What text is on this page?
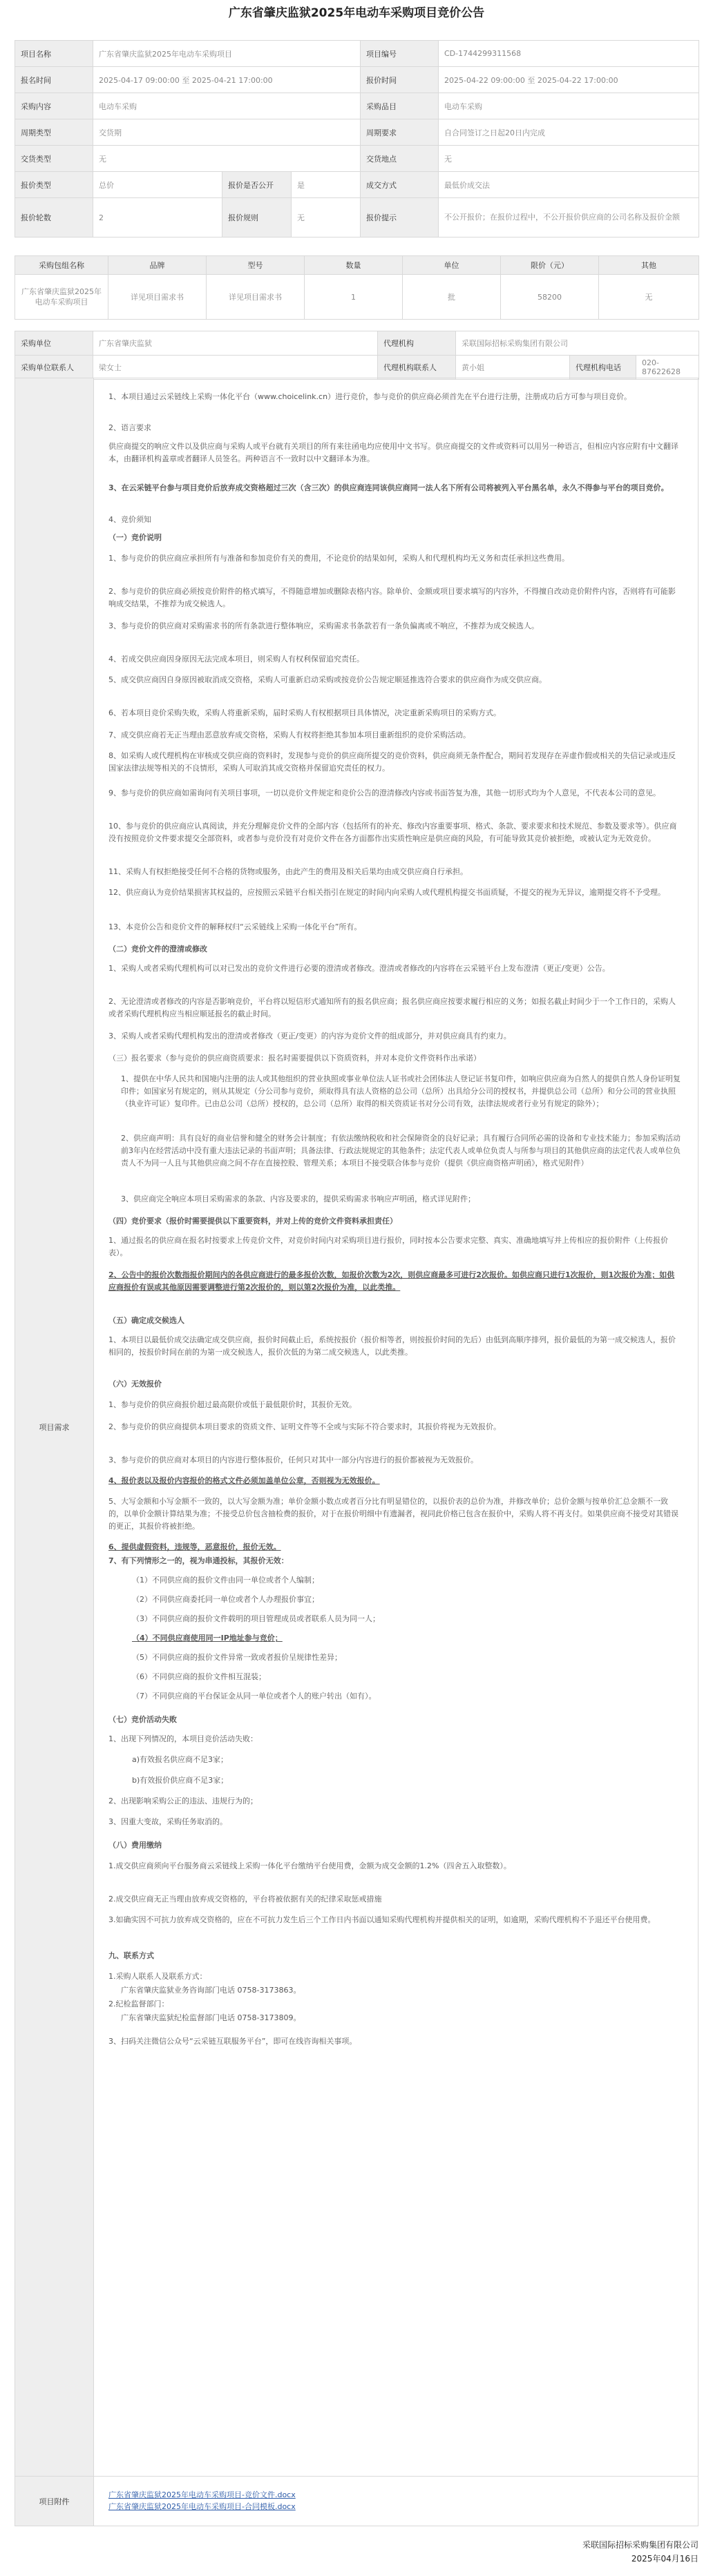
广东省肇庆监狱2025年电动车采购项目竞价公告
项目名称	广东省肇庆监狱2025年电动车采购项目			项目编号	CD-1744299311568
报名时间	2025-04-17 09:00:00 至 2025-04-21 17:00:00			报价时间	2025-04-22 09:00:00 至 2025-04-22 17:00:00
采购内容	电动车采购			采购品目	电动车采购
周期类型	交货期			周期要求	自合同签订之日起20日内完成
交货类型	无			交货地点	无
报价类型	总价	报价是否公开	是	成交方式	最低价成交法
报价轮数	2	报价规则	无	报价提示	不公开报价；在报价过程中，不公开报价供应商的公司名称及报价金额
采购包组名称	品牌	型号	数量	单位	限价（元）	其他
广东省肇庆监狱2025年电动车采购项目	详见项目需求书	详见项目需求书	1	批	58200	无
采购单位	广东省肇庆监狱	代理机构	采联国际招标采购集团有限公司		
采购单位联系人	梁女士	代理机构联系人	黄小姐	代理机构电话	020-87622628
项目需求

1、本项目通过云采链线上采购一体化平台（www.choicelink.cn）进行竞价，参与竞价的供应商必须首先在平台进行注册，注册成功后方可参与项目竞价。

2、语言要求

供应商提交的响应文件以及供应商与采购人或平台就有关项目的所有来往函电均应使用中文书写。供应商提交的文件或资料可以用另一种语言，但相应内容应附有中文翻译本，由翻译机构盖章或者翻译人员签名。两种语言不一致时以中文翻译本为准。

3、在云采链平台参与项目竞价后放弃成交资格超过三次（含三次）的供应商连同该供应商同一法人名下所有公司将被列入平台黑名单，永久不得参与平台的项目竞价。

4、竞价须知

（一）竞价说明

1、参与竞价的供应商应承担所有与准备和参加竞价有关的费用，不论竞价的结果如何，采购人和代理机构均无义务和责任承担这些费用。

2、参与竞价的供应商必须按竞价附件的格式填写，不得随意增加或删除表格内容。除单价、金额或项目要求填写的内容外，不得擅自改动竞价附件内容，否则将有可能影响成交结果，不推荐为成交候选人。

3、参与竞价的供应商对采购需求书的所有条款进行整体响应，采购需求书条款若有一条负偏离或不响应，不推荐为成交候选人。

4、若成交供应商因身原因无法完成本项目，则采购人有权利保留追究责任。

5、成交供应商因自身原因被取消成交资格，采购人可重新启动采购或按竞价公告规定顺延推选符合要求的供应商作为成交供应商。

6、若本项目竞价采购失败，采购人将重新采购，届时采购人有权根据项目具体情况，决定重新采购项目的采购方式。

7、成交供应商若无正当理由恶意放弃成交资格，采购人有权将拒绝其参加本项目重新组织的竞价采购活动。

8、如采购人或代理机构在审核成交供应商的资料时，发现参与竞价的供应商所提交的竞价资料，供应商须无条件配合，期间若发现存在弄虚作假或相关的失信记录或违反国家法律法规等相关的不良情形，采购人可取消其成交资格并保留追究责任的权力。

9、参与竞价的供应商如需询问有关项目事项，一切以竞价文件规定和竞价公告的澄清修改内容或书面答复为准，其他一切形式均为个人意见，不代表本公司的意见。

10、参与竞价的供应商应认真阅读，并充分理解竞价文件的全部内容（包括所有的补充、修改内容重要事项、格式、条款、要求要求和技术规范、参数及要求等）。供应商没有按照竞价文件要求提交全部资料，或者参与竞价没有对竞价文件在各方面都作出实质性响应是供应商的风险，有可能导致其竞价被拒绝，或被认定为无效竞价。

11、采购人有权拒绝接受任何不合格的货物或服务，由此产生的费用及相关后果均由成交供应商自行承担。

12、供应商认为竞价结果损害其权益的，应按照云采链平台相关指引在规定的时间内向采购人或代理机构提交书面质疑，不提交的视为无异议，逾期提交将不予受理。

13、本竞价公告和竞价文件的解释权归“云采链线上采购一体化平台”所有。

（二）竞价文件的澄清或修改

1、采购人或者采购代理机构可以对已发出的竞价文件进行必要的澄清或者修改。澄清或者修改的内容将在云采链平台上发布澄清（更正/变更）公告。

2、无论澄清或者修改的内容是否影响竞价，平台将以短信形式通知所有的报名供应商；报名供应商应按要求履行相应的义务；如报名截止时间少于一个工作日的，采购人或者采购代理机构应当相应顺延报名的截止时间。

3、采购人或者采购代理机构发出的澄清或者修改（更正/变更）的内容为竞价文件的组成部分，并对供应商具有约束力。

（三）报名要求（参与竞价的供应商资质要求：报名时需要提供以下资质资料，并对本竞价文件资料作出承诺）

1、提供在中华人民共和国境内注册的法人或其他组织的营业执照或事业单位法人证书或社会团体法人登记证书复印件，如响应供应商为自然人的提供自然人身份证明复印件；如国家另有规定的，则从其规定（分公司参与竞价，须取得具有法人资格的总公司（总所）出具给分公司的授权书，并提供总公司（总所）和分公司的营业执照（执业许可证）复印件。已由总公司（总所）授权的，总公司（总所）取得的相关资质证书对分公司有效，法律法规或者行业另有规定的除外）；

2、供应商声明：具有良好的商业信誉和健全的财务会计制度；有依法缴纳税收和社会保障资金的良好记录；具有履行合同所必需的设备和专业技术能力；参加采购活动前3年内在经营活动中没有重大违法记录的书面声明；具备法律、行政法规规定的其他条件；法定代表人或单位负责人与所参与项目的其他供应商的法定代表人或单位负责人不为同一人且与其他供应商之间不存在直接控股、管理关系；本项目不接受联合体参与竞价（提供《供应商资格声明函》，格式见附件）

3、供应商完全响应本项目采购需求的条款、内容及要求的，提供采购需求书响应声明函，格式详见附件；

（四）竞价要求（报价时需要提供以下重要资料，并对上传的竞价文件资料承担责任）

1、通过报名的供应商在报名时按要求上传竞价文件，对竞价时间内对采购项目进行报价，同时按本公告要求完整、真实、准确地填写并上传相应的报价附件（上传报价表）。

2、公告中的报价次数指报价期间内的各供应商进行的最多报价次数，如报价次数为2次，则供应商最多可进行2次报价。如供应商只进行1次报价，则1次报价为准；如供应商报价有误或其他原因需要调整进行第2次报价的，则以第2次报价为准，以此类推。

（五）确定成交候选人

1、本项目以最低价成交法确定成交供应商，报价时间截止后，系统按报价（报价相等者，则按报价时间的先后）由低到高顺序排列，报价最低的为第一成交候选人，报价相同的，按报价时间在前的为第一成交候选人，报价次低的为第二成交候选人，以此类推。

（六）无效报价

1、参与竞价的供应商报价超过最高限价或低于最低限价时，其报价无效。

2、参与竞价的供应商提供本项目要求的资质文件、证明文件等不全或与实际不符合要求时，其报价将视为无效报价。

3、参与竞价的供应商对本项目的内容进行整体报价，任何只对其中一部分内容进行的报价都被视为无效报价。

4、报价表以及报价内容报价的格式文件必须加盖单位公章，否则视为无效报价。

5、大写金额和小写金额不一致的，以大写金额为准；单价金额小数点或者百分比有明显错位的，以报价表的总价为准，并修改单价；总价金额与按单价汇总金额不一致的，以单价金额计算结果为准；不接受总价包含抽检费的报价，对于在报价明细中有遗漏者，视同此价格已包含在报价中，采购人将不再支付。如果供应商不接受对其错误的更正，其报价将被拒绝。

6、提供虚假资料，违规等，恶意报价，报价无效。

7、有下列情形之一的，视为串通投标，其报价无效：

（1）不同供应商的报价文件由同一单位或者个人编制；

（2）不同供应商委托同一单位或者个人办理报价事宜；

（3）不同供应商的报价文件载明的项目管理成员或者联系人员为同一人；

（4）不同供应商使用同一IP地址参与竞价；

（5）不同供应商的报价文件异常一致或者报价呈规律性差异；

（6）不同供应商的报价文件相互混装；

（7）不同供应商的平台保证金从同一单位或者个人的账户转出（如有）。

（七）竞价活动失败

1、出现下列情况的，本项目竞价活动失败：

a)有效报名供应商不足3家；

b)有效报价供应商不足3家；

2、出现影响采购公正的违法、违规行为的；

3、因重大变故，采购任务取消的。

（八）费用缴纳

1.成交供应商须向平台服务商云采链线上采购一体化平台缴纳平台使用费，金额为成交金额的1.2%（四舍五入取整数）。

2.成交供应商无正当理由放弃成交资格的，平台将被依据有关的纪律采取惩戒措施

3.如确实因不可抗力放弃成交资格的，应在不可抗力发生后三个工作日内书面以通知采购代理机构并提供相关的证明，如逾期，采购代理机构不予退还平台使用费。

九、联系方式

1.采购人联系人及联系方式：

广东省肇庆监狱业务咨询部门电话 0758-3173863。

2.纪检监督部门：

广东省肇庆监狱纪检监督部门电话 0758-3173809。

3、扫码关注微信公众号“云采链互联服务平台”，即可在线咨询相关事项。

项目附件
广东省肇庆监狱2025年电动车采购项目-竞价文件.docx
广东省肇庆监狱2025年电动车采购项目-合同模板.docx
采联国际招标采购集团有限公司
2025年04月16日
